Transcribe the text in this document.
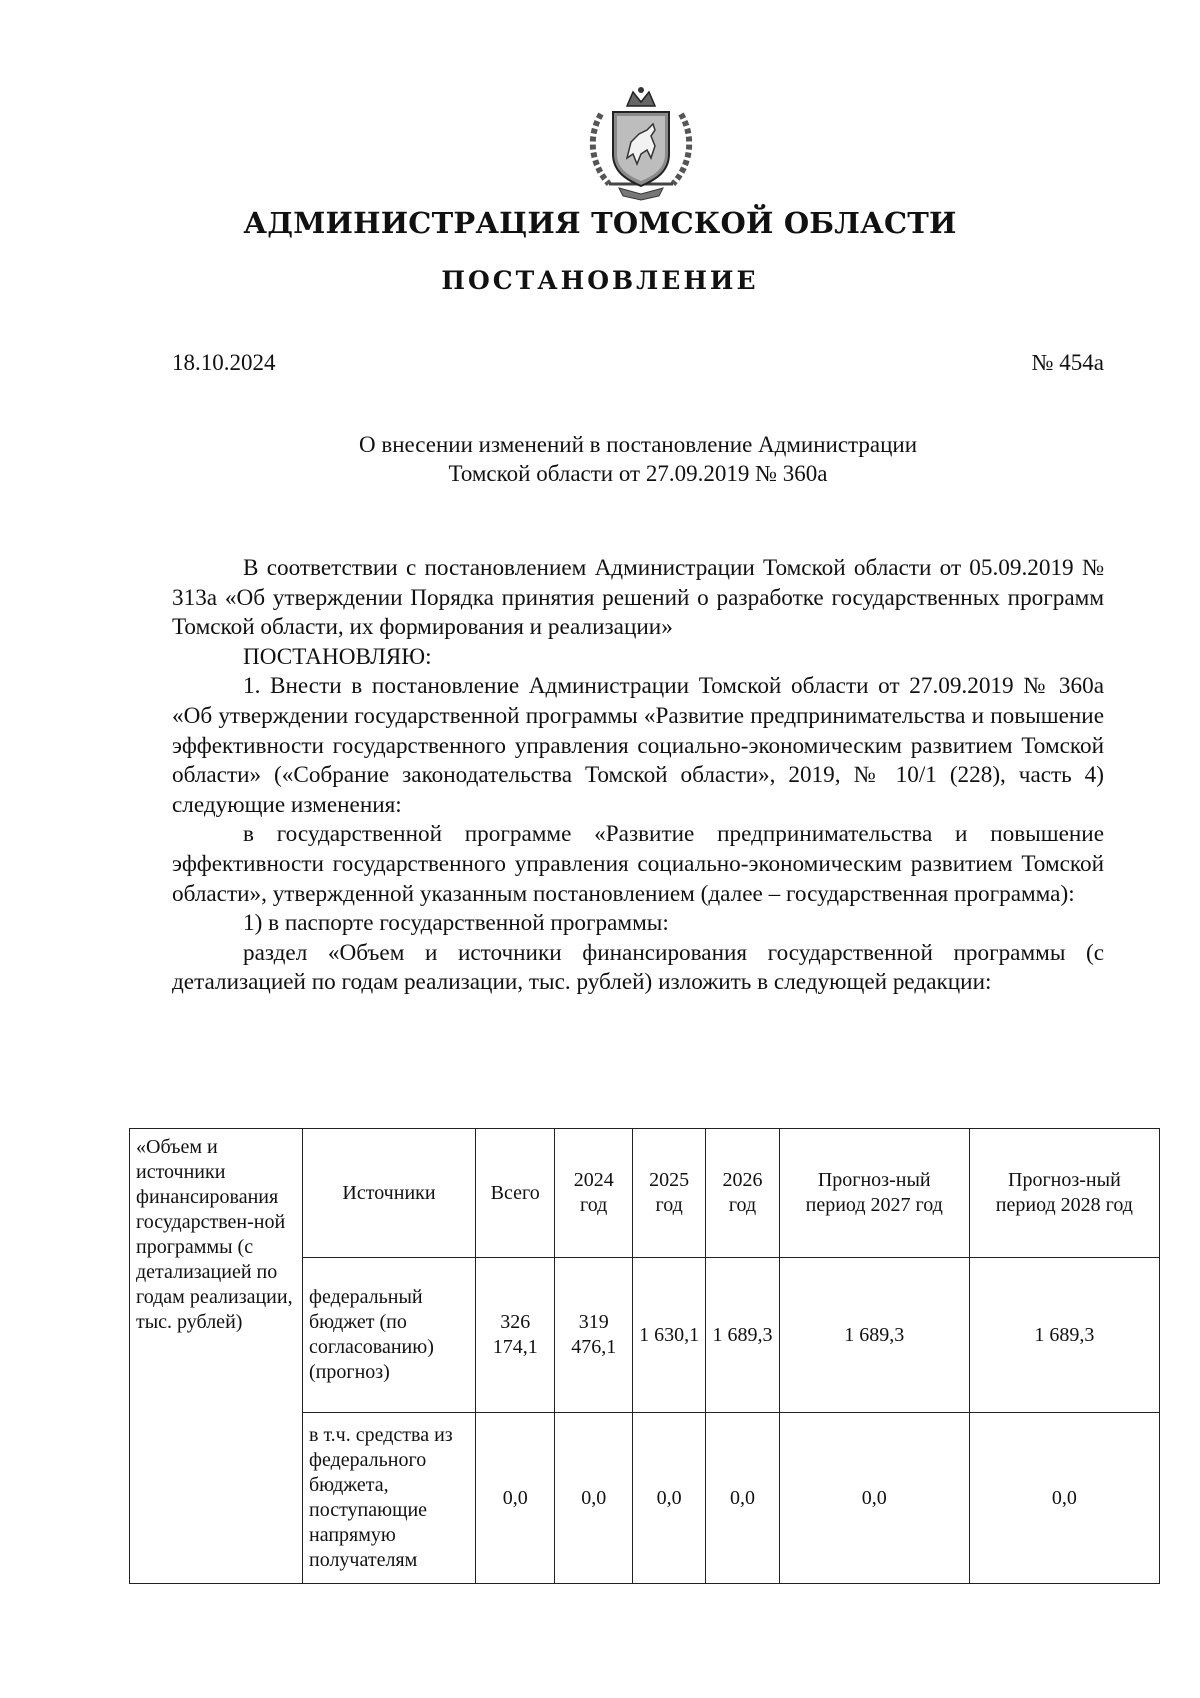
АДМИНИСТРАЦИЯ ТОМСКОЙ ОБЛАСТИ
ПОСТАНОВЛЕНИЕ
18.10.2024	№ 454а
О внесении изменений в постановление Администрации
Томской области от 27.09.2019 № 360а

В соответствии с постановлением Администрации Томской области от 05.09.2019 № 313а «Об утверждении Порядка принятия решений о разработке государственных программ Томской области, их формирования и реализации»

ПОСТАНОВЛЯЮ:

1. Внести в постановление Администрации Томской области от 27.09.2019 № 360а «Об утверждении государственной программы «Развитие предпринимательства и повышение эффективности государственного управления социально-экономическим развитием Томской области» («Собрание законодательства Томской области», 2019, № 10/1 (228), часть 4) следующие изменения:

в государственной программе «Развитие предпринимательства и повышение эффективности государственного управления социально-экономическим развитием Томской области», утвержденной указанным постановлением (далее – государственная программа):

1) в паспорте государственной программы:

раздел «Объем и источники финансирования государственной программы (с детализацией по годам реализации, тыс. рублей) изложить в следующей редакции:

«Объем и источники финансирования государствен-ной программы (с детализацией по годам реализации, тыс. рублей)	Источники	Всего	2024 год	2025 год	2026 год	Прогноз-ный период 2027 год	Прогноз-ный период 2028 год
	федеральный бюджет (по согласованию) (прогноз)	326 174,1	319 476,1	1 630,1	1 689,3	1 689,3	1 689,3
	в т.ч. средства из федерального бюджета, поступающие напрямую получателям	0,0	0,0	0,0	0,0	0,0	0,0
